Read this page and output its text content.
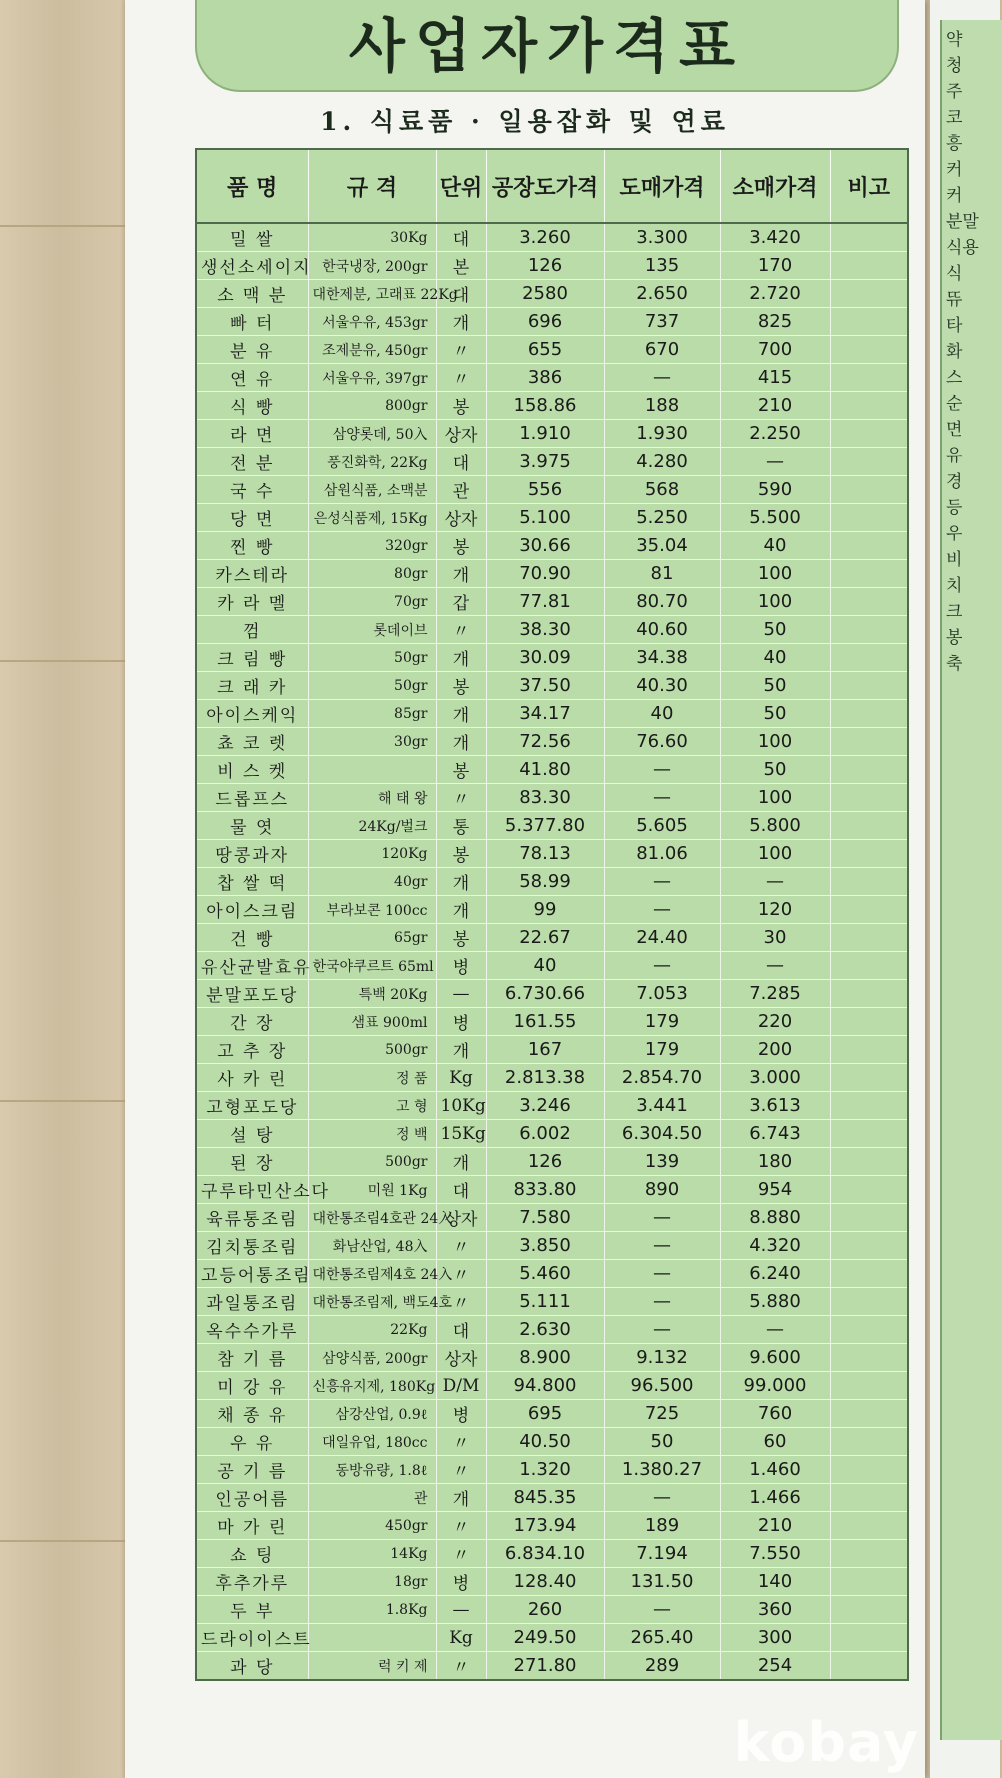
사업자가격표
1. 식료품 · 일용잡화 및 연료
품 명	규 격	단위	공장도가격	도매가격	소매가격	비고
밀 쌀	30Kg	대	3.260	3.300	3.420	
생선소세이지	한국냉장, 200gr	본	126	135	170	
소 맥 분	대한제분, 고래표 22Kg	대	2580	2.650	2.720	
빠 터	서울우유, 453gr	개	696	737	825	
분 유	조제분유, 450gr	〃	655	670	700	
연 유	서울우유, 397gr	〃	386	—	415	
식 빵	800gr	봉	158.86	188	210	
라 면	삼양롯데, 50入	상자	1.910	1.930	2.250	
전 분	풍진화학, 22Kg	대	3.975	4.280	—	
국 수	삼원식품, 소맥분	관	556	568	590	
당 면	은성식품제, 15Kg	상자	5.100	5.250	5.500	
찐 빵	320gr	봉	30.66	35.04	40	
카스테라	80gr	개	70.90	81	100	
카 라 멜	70gr	갑	77.81	80.70	100	
껌	롯데이브	〃	38.30	40.60	50	
크 림 빵	50gr	개	30.09	34.38	40	
크 래 카	50gr	봉	37.50	40.30	50	
아이스케익	85gr	개	34.17	40	50	
쵸 코 렛	30gr	개	72.56	76.60	100	
비 스 켓		봉	41.80	—	50	
드롭프스	해 태 왕	〃	83.30	—	100	
물 엿	24Kg/벌크	통	5.377.80	5.605	5.800	
땅콩과자	120Kg	봉	78.13	81.06	100	
찹 쌀 떡	40gr	개	58.99	—	—	
아이스크림	부라보콘 100cc	개	99	—	120	
건 빵	65gr	봉	22.67	24.40	30	
유산균발효유	한국야쿠르트 65ml	병	40	—	—	
분말포도당	특백 20Kg	—	6.730.66	7.053	7.285	
간 장	샘표 900ml	병	161.55	179	220	
고 추 장	500gr	개	167	179	200	
사 카 린	정 품	Kg	2.813.38	2.854.70	3.000	
고형포도당	고 형	10Kg	3.246	3.441	3.613	
설 탕	정 백	15Kg	6.002	6.304.50	6.743	
된 장	500gr	개	126	139	180	
구루타민산소다	미원 1Kg	대	833.80	890	954	
육류통조림	대한통조림4호관 24入	상자	7.580	—	8.880	
김치통조림	화남산업, 48入	〃	3.850	—	4.320	
고등어통조림	대한통조림제4호 24入	〃	5.460	—	6.240	
과일통조림	대한통조림제, 백도4호	〃	5.111	—	5.880	
옥수수가루	22Kg	대	2.630	—	—	
참 기 름	삼양식품, 200gr	상자	8.900	9.132	9.600	
미 강 유	신흥유지제, 180Kg	D/M	94.800	96.500	99.000	
채 종 유	삼강산업, 0.9ℓ	병	695	725	760	
우 유	대일유업, 180cc	〃	40.50	50	60	
공 기 름	동방유량, 1.8ℓ	〃	1.320	1.380.27	1.460	
인공어름	관	개	845.35	—	1.466	
마 가 린	450gr	〃	173.94	189	210	
쇼 팅	14Kg	〃	6.834.10	7.194	7.550	
후추가루	18gr	병	128.40	131.50	140	
두 부	1.8Kg	—	260	—	360	
드라이이스트		Kg	249.50	265.40	300	
과 당	럭 키 제	〃	271.80	289	254	
kobay
약
청
주
코
흥
커
커
분말
식용
식
뜌
타
화
스
순
면
유
경
등
우
비
치
크
봉
축
